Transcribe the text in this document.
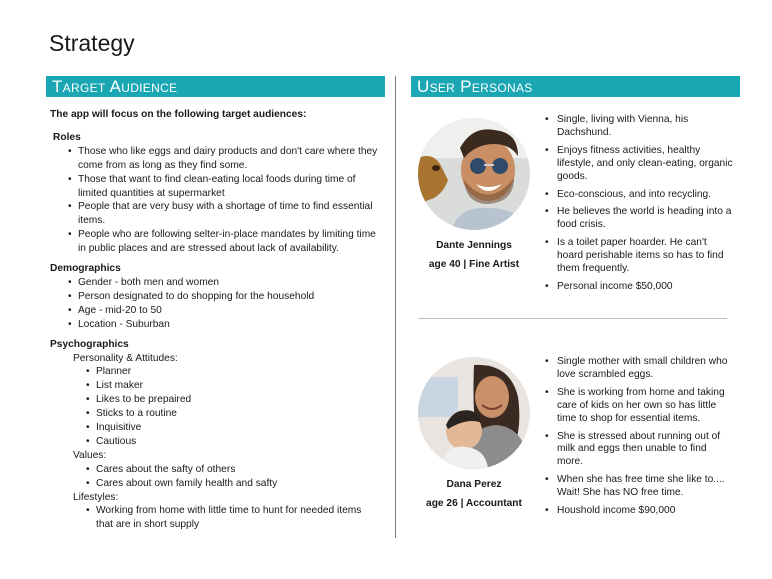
Strategy
Target Audience	User Personas

The app will focus on the following target audiences:

Roles

• Those who like eggs and dairy products and don't care where they come from as long as they find some.
• Those that want to find clean-eating local foods during time of limited quantities at supermarket
• People that are very busy with a shortage of time to find essential items.
• People who are following selter-in-place mandates by limiting time in public places and are stressed about lack of availability.

Demographics

• Gender - both men and women
• Person designated to do shopping for the household
• Age - mid-20 to 50
• Location - Suburban

Psychographics

Personality & Attitudes:
• Planner
• List maker
• Likes to be prepaired
• Sticks to a routine
• Inquisitive
• Cautious
Values:
• Cares about the safty of others
• Cares about own family health and safty
Lifestyles:
• Working from home with little time to hunt for needed items that are in short supply
Dante Jennings
age 40 | Fine Artist
• Single, living with Vienna, his Dachshund.
• Enjoys fitness activities, healthy lifestyle, and only clean-eating, organic goods.
• Eco-conscious, and into recycling.
• He believes the world is heading into a food crisis.
• Is a toilet paper hoarder. He can't hoard perishable items so has to find them frequently.
• Personal income $50,000
Dana Perez
age 26 | Accountant
• Single mother with small children who love scrambled eggs.
• She is working from home and taking care of kids on her own so has little time to shop for essential items.
• She is stressed about running out of milk and eggs then unable to find more.
• When she has free time she like to.... Wait! She has NO free time.
• Houshold income $90,000
